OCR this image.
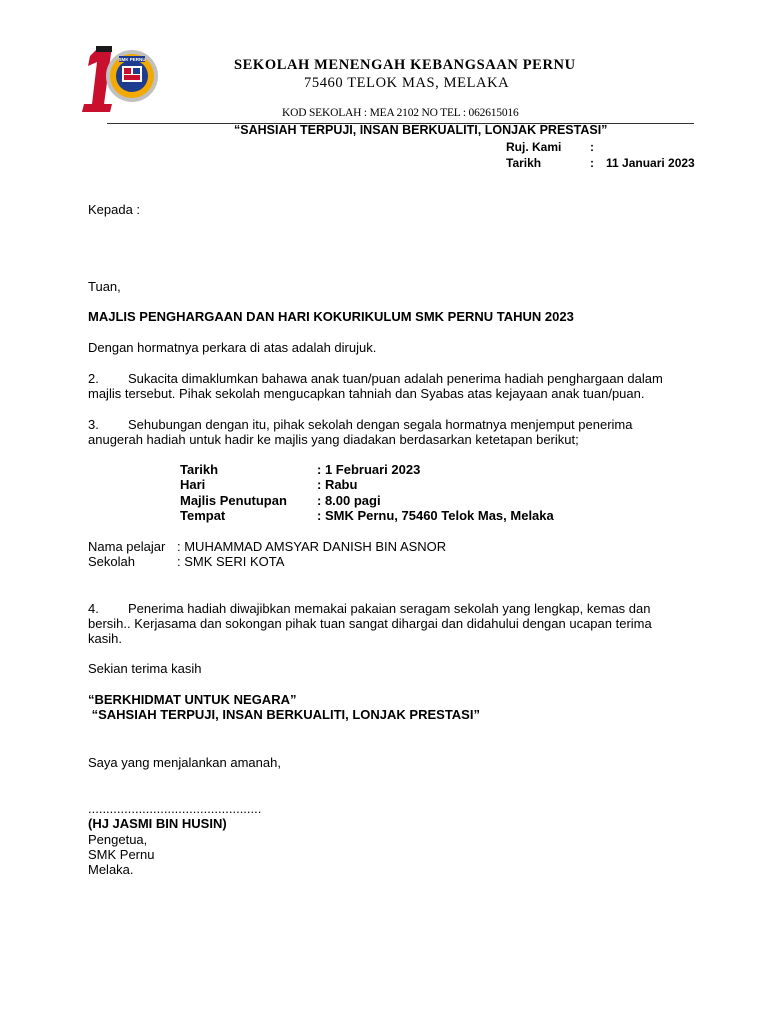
SMK PERNU	SEKOLAH MENENGAH KEBANGSAAN PERNU
75460 TELOK MAS, MELAKA
KOD SEKOLAH : MEA 2102 NO TEL : 062615016
“SAHSIAH TERPUJI, INSAN BERKUALITI, LONJAK PRESTASI”
Ruj. Kami :
Tarikh	: 11 Januari 2023
Kepada :
Tuan,
MAJLIS PENGHARGAAN DAN HARI KOKURIKULUM SMK PERNU TAHUN 2023
Dengan hormatnya perkara di atas adalah dirujuk.
2. Sukacita dimaklumkan bahawa anak tuan/puan adalah penerima hadiah penghargaan dalam
majlis tersebut. Pihak sekolah mengucapkan tahniah dan Syabas atas kejayaan anak tuan/puan.
3. Sehubungan dengan itu, pihak sekolah dengan segala hormatnya menjemput penerima
anugerah hadiah untuk hadir ke majlis yang diadakan berdasarkan ketetapan berikut;
Tarikh	: 1 Februari 2023
Hari	: Rabu
Majlis Penutupan : 8.00 pagi
Tempat	: SMK Pernu, 75460 Telok Mas, Melaka
Nama pelajar : MUHAMMAD AMSYAR DANISH BIN ASNOR
Sekolah	: SMK SERI KOTA
4. Penerima hadiah diwajibkan memakai pakaian seragam sekolah yang lengkap, kemas dan
bersih.. Kerjasama dan sokongan pihak tuan sangat dihargai dan didahului dengan ucapan terima
kasih.
Sekian terima kasih
“BERKHIDMAT UNTUK NEGARA”
“SAHSIAH TERPUJI, INSAN BERKUALITI, LONJAK PRESTASI”
Saya yang menjalankan amanah,
................................................
(HJ JASMI BIN HUSIN)
Pengetua,
SMK Pernu
Melaka.
